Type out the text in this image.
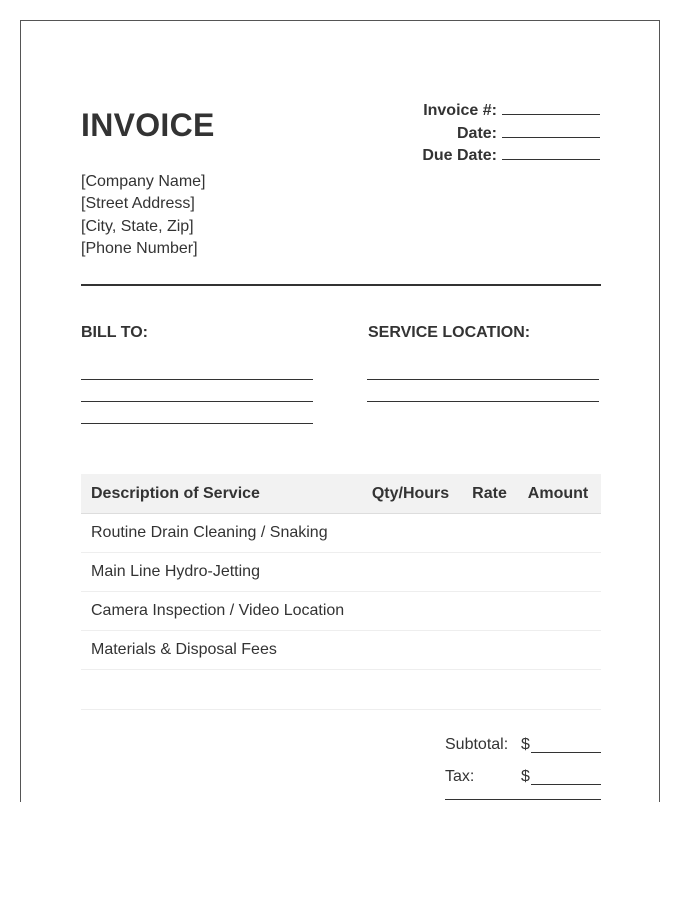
INVOICE	Invoice #:
Date:
Due Date:
[Company Name]
[Street Address]
[City, State, Zip]
[Phone Number]
BILL TO:	SERVICE LOCATION:
Description of Service	Qty/Hours	Rate	Amount
Routine Drain Cleaning / Snaking
Main Line Hydro-Jetting
Camera Inspection / Video Location
Materials & Disposal Fees
Subtotal: $
Tax:	$
